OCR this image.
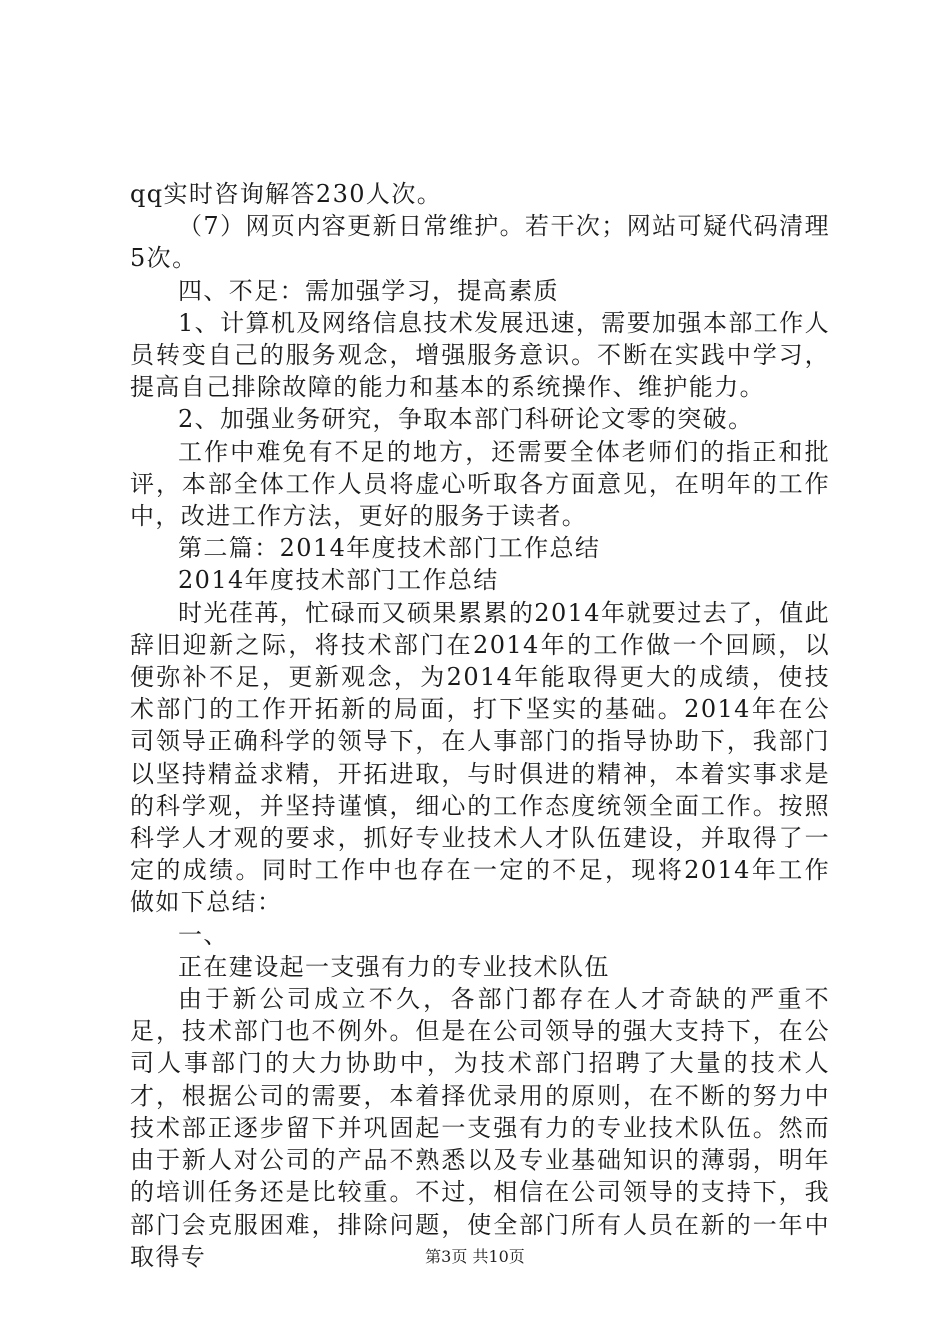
qq实时咨询解答230人次。

（7）网页内容更新日常维护。若干次；网站可疑代码清理5次。

四、不足：需加强学习，提高素质

1、计算机及网络信息技术发展迅速，需要加强本部工作人员转变自己的服务观念，增强服务意识。不断在实践中学习，提高自己排除故障的能力和基本的系统操作、维护能力。

2、加强业务研究，争取本部门科研论文零的突破。

工作中难免有不足的地方，还需要全体老师们的指正和批评，本部全体工作人员将虚心听取各方面意见，在明年的工作中，改进工作方法，更好的服务于读者。

第二篇：2014年度技术部门工作总结

2014年度技术部门工作总结

时光荏苒，忙碌而又硕果累累的2014年就要过去了，值此辞旧迎新之际，将技术部门在2014年的工作做一个回顾，以便弥补不足，更新观念，为2014年能取得更大的成绩，使技术部门的工作开拓新的局面，打下坚实的基础。2014年在公司领导正确科学的领导下，在人事部门的指导协助下，我部门以坚持精益求精，开拓进取，与时俱进的精神，本着实事求是的科学观，并坚持谨慎，细心的工作态度统领全面工作。按照科学人才观的要求，抓好专业技术人才队伍建设，并取得了一定的成绩。同时工作中也存在一定的不足，现将2014年工作做如下总结：

一、

正在建设起一支强有力的专业技术队伍

由于新公司成立不久，各部门都存在人才奇缺的严重不足，技术部门也不例外。但是在公司领导的强大支持下，在公司人事部门的大力协助中，为技术部门招聘了大量的技术人才，根据公司的需要，本着择优录用的原则，在不断的努力中技术部正逐步留下并巩固起一支强有力的专业技术队伍。然而由于新人对公司的产品不熟悉以及专业基础知识的薄弱，明年的培训任务还是比较重。不过，相信在公司领导的支持下，我部门会克服困难，排除问题，使全部门所有人员在新的一年中取得专	第3页 共10页
